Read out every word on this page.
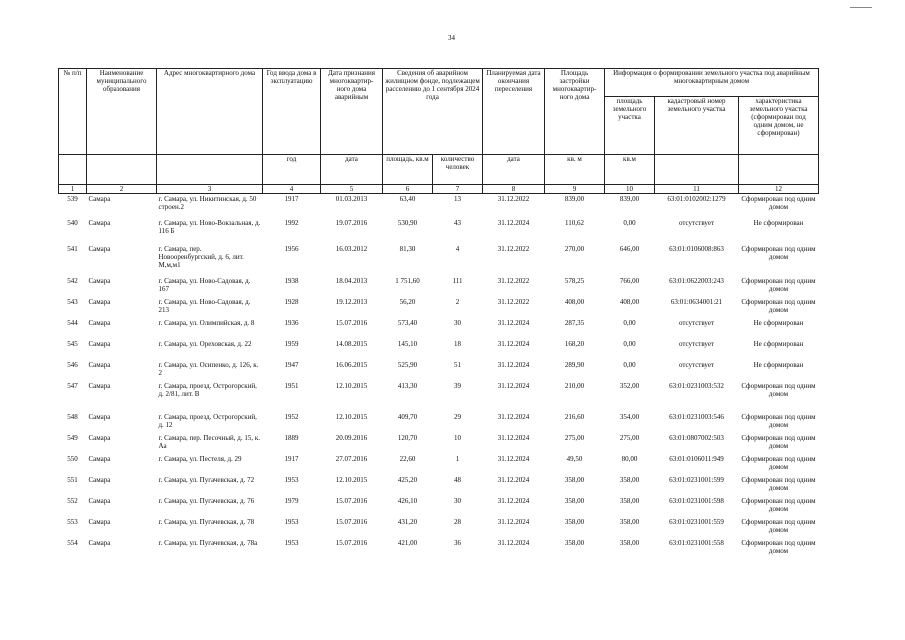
34
№ п/п	Наименование муниципального образования	Адрес многоквартирного дома	Год ввода дома в эксплуатацию	Дата признания многоквартир-ного дома аварийным	Сведения об аварийном жилищном фонде, подлежащем расселению до 1 сентября 2024 года		Планируемая дата окончания переселения	Площадь застройки многоквартир-ного дома	Информация о формировании земельного участка под аварийным многоквартирным домом		
									площадь земельного участка	кадастровый номер земельного участка	характеристика земельного участка (сформирован под одним домом, не сформирован)
			год	дата	площадь, кв.м	количество человек	дата	кв. м	кв.м		
1	2	3	4	5	6	7	8	9	10	11	12
539	Самара	г. Самара, ул. Никитинская, д. 50 строен.2	1917	01.03.2013	63,40	13	31.12.2022	839,00	839,00	63:01:0102002:1279	Сформирован под одним домом
540	Самара	г. Самара, ул. Ново-Вокзальная, д. 116 Б	1992	19.07.2016	530,90	43	31.12.2024	110,62	0,00	отсутствует	Не сформирован
541	Самара	г. Самара, пер. Новооренбургский, д. 6, лит. М,м,м1	1956	16.03.2012	81,30	4	31.12.2022	270,00	646,00	63:01:0106008:863	Сформирован под одним домом
542	Самара	г. Самара, ул. Ново-Садовая, д. 167	1938	18.04.2013	1 751,60	111	31.12.2022	578,25	766,00	63:01:0622003:243	Сформирован под одним домом
543	Самара	г. Самара, ул. Ново-Садовая, д. 213	1928	19.12.2013	56,20	2	31.12.2022	408,00	408,00	63:01:0634001:21	Сформирован под одним домом
544	Самара	г. Самара, ул. Олимпийская, д. 8	1936	15.07.2016	573,40	30	31.12.2024	287,35	0,00	отсутствует	Не сформирован
545	Самара	г. Самара, ул. Ореховская, д. 22	1959	14.08.2015	145,10	18	31.12.2024	168,20	0,00	отсутствует	Не сформирован
546	Самара	г. Самара, ул. Осипенко, д. 126, к. 2	1947	16.06.2015	525,90	51	31.12.2024	289,90	0,00	отсутствует	Не сформирован
547	Самара	г. Самара, проезд. Острогорский, д. 2/81, лит. В	1951	12.10.2015	413,30	39	31.12.2024	210,00	352,00	63:01:0231003:532	Сформирован под одним домом
548	Самара	г. Самара, проезд. Острогорский, д. 12	1952	12.10.2015	409,70	29	31.12.2024	216,60	354,00	63:01:0231003:546	Сформирован под одним домом
549	Самара	г. Самара, пер. Песочный, д. 15, к. Аа	1889	20.09.2016	120,70	10	31.12.2024	275,00	275,00	63:01:0807002:503	Сформирован под одним домом
550	Самара	г. Самара, ул. Пестеля, д. 29	1917	27.07.2016	22,60	1	31.12.2024	49,50	80,00	63:01:0106011:949	Сформирован под одним домом
551	Самара	г. Самара, ул. Пугачевская, д. 72	1953	12.10.2015	425,20	48	31.12.2024	358,00	358,00	63:01:0231001:599	Сформирован под одним домом
552	Самара	г. Самара, ул. Пугачевская, д. 76	1979	15.07.2016	426,10	30	31.12.2024	358,00	358,00	63:01:0231001:598	Сформирован под одним домом
553	Самара	г. Самара, ул. Пугачевская, д. 78	1953	15.07.2016	431,20	28	31.12.2024	358,00	358,00	63:01:0231001:559	Сформирован под одним домом
554	Самара	г. Самара, ул. Пугачевская, д. 78а	1953	15.07.2016	421,00	36	31.12.2024	358,00	358,00	63:01:0231001:558	Сформирован под одним домом
